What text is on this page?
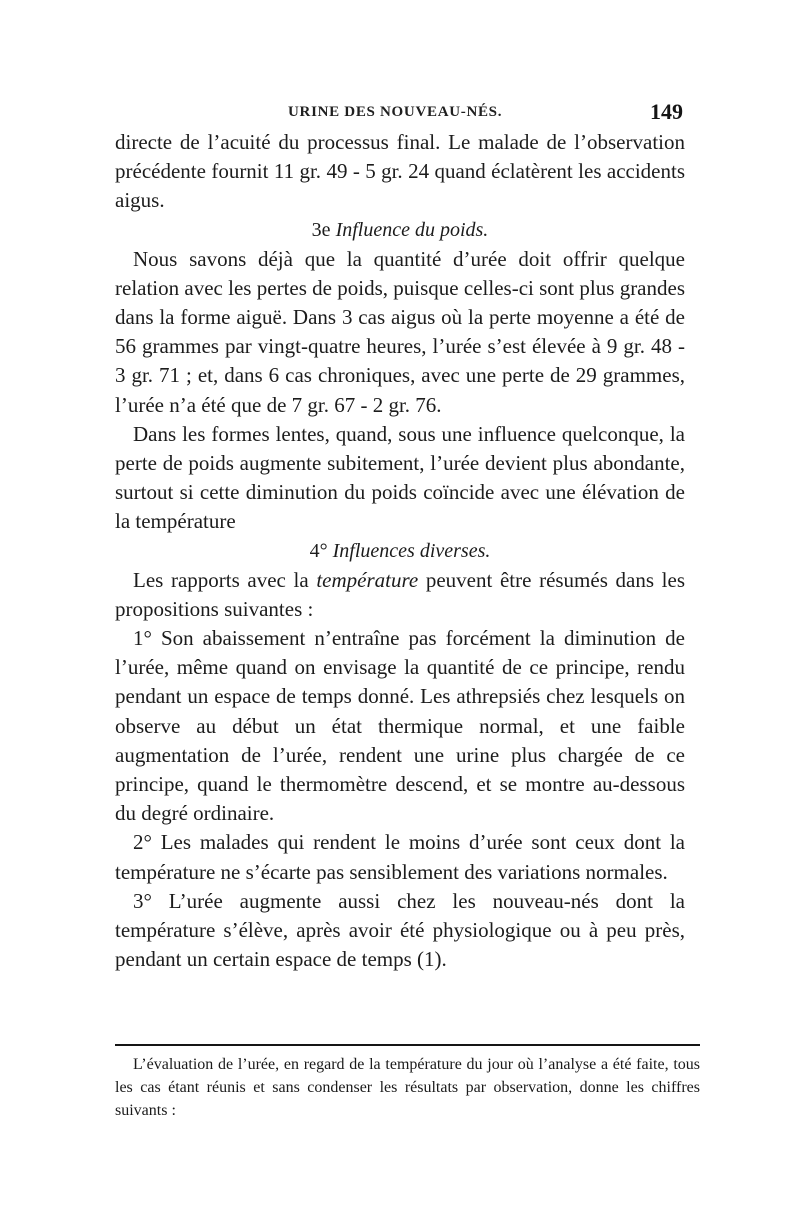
URINE DES NOUVEAU-NÉS.	149

directe de l’acuité du processus final. Le malade de l’observation précédente fournit 11 gr. 49 - 5 gr. 24 quand éclatèrent les accidents aigus.

3e Influence du poids.

Nous savons déjà que la quantité d’urée doit offrir quelque relation avec les pertes de poids, puisque celles-ci sont plus grandes dans la forme aiguë. Dans 3 cas aigus où la perte moyenne a été de 56 grammes par vingt-quatre heures, l’urée s’est élevée à 9 gr. 48 - 3 gr. 71 ; et, dans 6 cas chroniques, avec une perte de 29 grammes, l’urée n’a été que de 7 gr. 67 - 2 gr. 76.

Dans les formes lentes, quand, sous une influence quelconque, la perte de poids augmente subitement, l’urée devient plus abondante, surtout si cette diminution du poids coïncide avec une élévation de la température

4° Influences diverses.

Les rapports avec la température peuvent être résumés dans les propositions suivantes :

1° Son abaissement n’entraîne pas forcément la diminution de l’urée, même quand on envisage la quantité de ce principe, rendu pendant un espace de temps donné. Les athrepsiés chez lesquels on observe au début un état thermique normal, et une faible augmentation de l’urée, rendent une urine plus chargée de ce principe, quand le thermomètre descend, et se montre au-dessous du degré ordinaire.

2° Les malades qui rendent le moins d’urée sont ceux dont la température ne s’écarte pas sensiblement des variations normales.

3° L’urée augmente aussi chez les nouveau-nés dont la température s’élève, après avoir été physiologique ou à peu près, pendant un certain espace de temps (1).

L’évaluation de l’urée, en regard de la température du jour où l’analyse a été faite, tous les cas étant réunis et sans condenser les résultats par observation, donne les chiffres suivants :
